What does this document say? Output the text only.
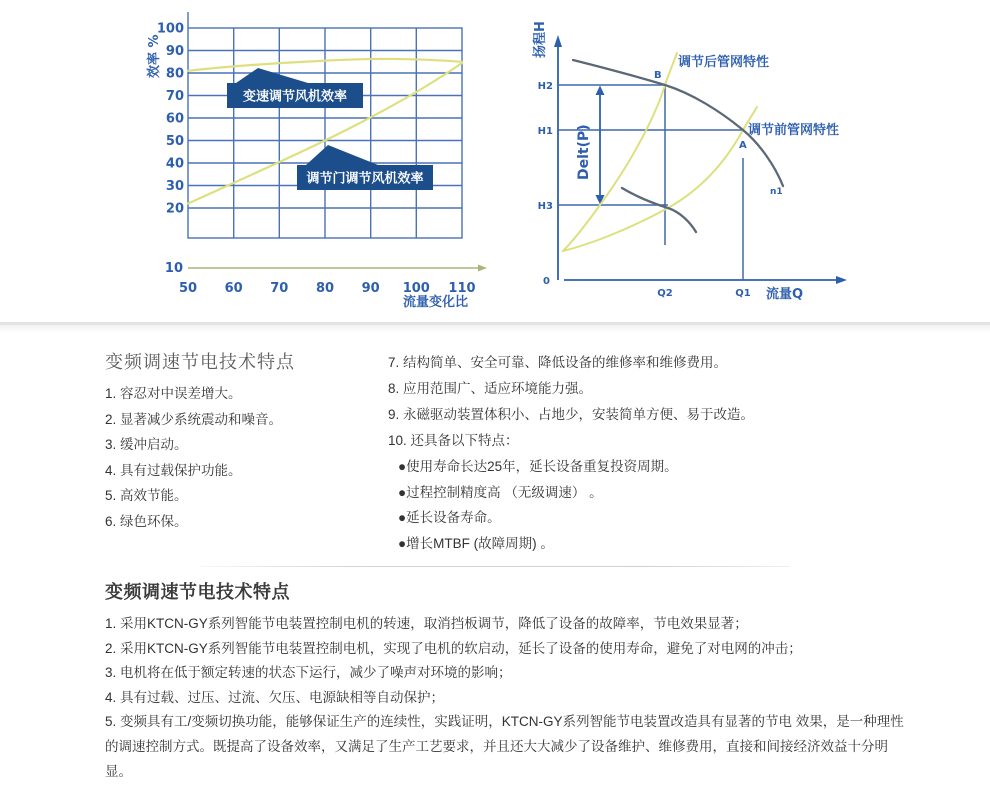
100
90
80
70
60
50
40
30
20
效率 %
变速调节风机效率
调节门调节风机效率
10
50 60 70 80 90 100 110
流量变化比
扬程H
Delt(P)
调节后管网特性
调节前管网特性
B
A
n1
H2
H1
H3
0
Q2	Q1 流量Q
变频调速节电技术特点

1. 容忍对中误差增大。

2. 显著减少系统震动和噪音。

3. 缓冲启动。

4. 具有过载保护功能。

5. 高效节能。

6. 绿色环保。

7. 结构简单、安全可靠、降低设备的维修率和维修费用。

8. 应用范围广、适应环境能力强。

9. 永磁驱动装置体积小、占地少，安装简单方便、易于改造。

10. 还具备以下特点：

●使用寿命长达25年，延长设备重复投资周期。

●过程控制精度高 （无级调速） 。

●延长设备寿命。

●增长MTBF (故障周期) 。

变频调速节电技术特点

1. 采用KTCN-GY系列智能节电装置控制电机的转速，取消挡板调节，降低了设备的故障率，节电效果显著；

2. 采用KTCN-GY系列智能节电装置控制电机，实现了电机的软启动，延长了设备的使用寿命，避免了对电网的冲击；

3. 电机将在低于额定转速的状态下运行，减少了噪声对环境的影响；

4. 具有过载、过压、过流、欠压、电源缺相等自动保护；

5. 变频具有工/变频切换功能，能够保证生产的连续性，实践证明，KTCN-GY系列智能节电装置改造具有显著的节电 效果，是一种理性的调速控制方式。既提高了设备效率，又满足了生产工艺要求，并且还大大减少了设备维护、维修费用，直接和间接经济效益十分明显。
